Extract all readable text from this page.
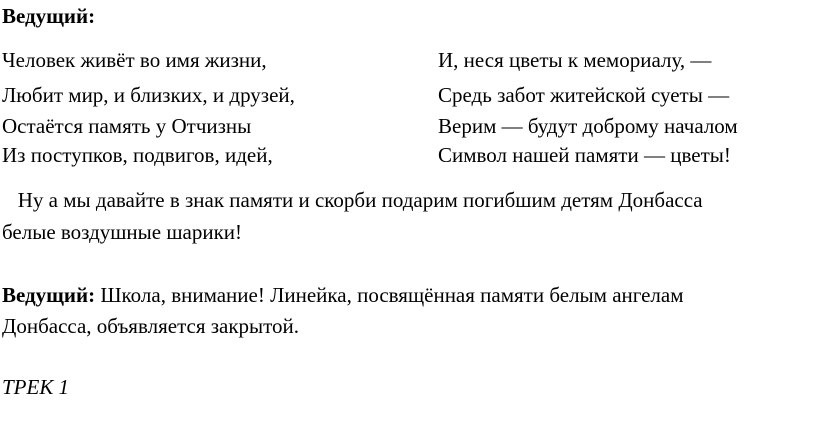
Ведущий:
Человек живёт во имя жизни,
Любит мир, и близких, и друзей,
Остаётся память у Отчизны
Из поступков, подвигов, идей,
И, неся цветы к мемориалу, —
Средь забот житейской суеты —
Верим — будут доброму началом
Символ нашей памяти — цветы!
Ну а мы давайте в знак памяти и скорби подарим погибшим детям Донбасса
белые воздушные шарики!
Ведущий: Школа, внимание! Линейка, посвящённая памяти белым ангелам
Донбасса, объявляется закрытой.
ТРЕК 1
